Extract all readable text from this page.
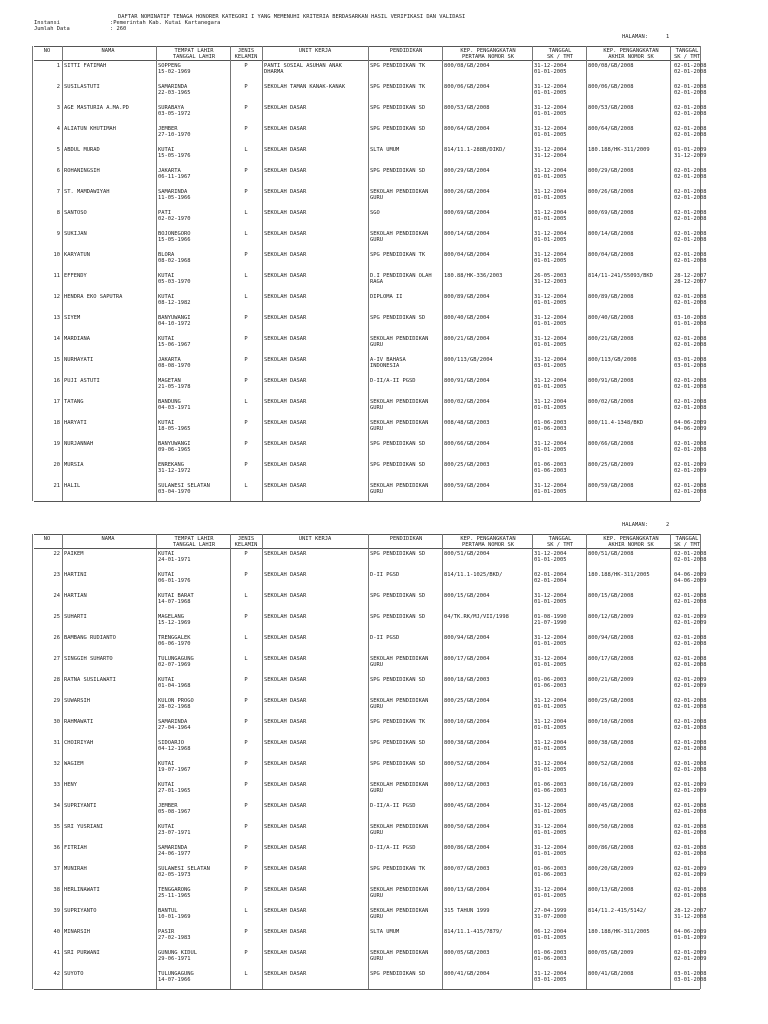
DAFTAR NOMINATIF TENAGA HONORER KATEGORI I YANG MEMENUHI KRITERIA BERDASARKAN HASIL VERIFIKASI DAN VALIDASI
Instansi	:Pemerintah Kab. Kutai Kartanegara
Jumlah Data	: 260
HALAMAN:	1
NO	NAMA	TEMPAT LAHIR
TANGGAL LAHIR
JENIS
KELAMIN
UNIT KERJA	PENDIDIKAN	KEP. PENGANGKATAN
PERTAMA NOMOR SK
TANGGAL
SK / TMT
KEP. PENGANGKATAN
AKHIR NOMOR SK
TANGGAL
SK / TMT
1 SITTI FATIMAH	SOPPENG
15-02-1969
P	PANTI SOSIAL ASUHAN ANAK
DHARMA
SPG PENDIDIKAN TK	800/08/GB/2004	31-12-2004
01-01-2005
800/08/GB/2008	02-01-2008
02-01-2008
2 SUSILASTUTI	SAMARINDA
22-03-1965
P	SEKOLAH TAMAN KANAK-KANAK	SPG PENDIDIKAN TK	800/06/GB/2004	31-12-2004
01-01-2005
800/06/GB/2008	02-01-2008
02-01-2008
3 AGE MASTURIA A.MA.PD	SURABAYA
03-05-1972
P	SEKOLAH DASAR	SPG PENDIDIKAN SD	800/53/GB/2008	31-12-2004
01-01-2005
800/53/GB/2008	02-01-2008
02-01-2008
4 ALIATUN KHUTIMAH	JEMBER
27-10-1970
P	SEKOLAH DASAR	SPG PENDIDIKAN SD	800/64/GB/2004	31-12-2004
01-01-2005
800/64/GB/2008	02-01-2008
02-01-2008
5 ABDUL MURAD	KUTAI
15-05-1976
L	SEKOLAH DASAR	SLTA UMUM	814/11.1-288B/DIKD/	31-12-2004
31-12-2004
180.188/HK-311/2009	01-01-2009
31-12-2009
6 ROHANINGSIH	JAKARTA
06-11-1967
P	SEKOLAH DASAR	SPG PENDIDIKAN SD	800/29/GB/2004	31-12-2004
01-01-2005
800/29/GB/2008	02-01-2008
02-01-2008
7 ST. MAMDAWIYAH	SAMARINDA
11-05-1966
P	SEKOLAH DASAR	SEKOLAH PENDIDIKAN
GURU
800/26/GB/2004	31-12-2004
01-01-2005
800/26/GB/2008	02-01-2008
02-01-2008
8 SANTOSO	PATI
02-02-1970
L	SEKOLAH DASAR	SGO	800/69/GB/2004	31-12-2004
01-01-2005
800/69/GB/2008	02-01-2008
02-01-2008
9 SUKIJAN	BOJONEGORO
15-05-1966
L	SEKOLAH DASAR	SEKOLAH PENDIDIKAN
GURU
800/14/GB/2004	31-12-2004
01-01-2005
800/14/GB/2008	02-01-2008
02-01-2008
10 KARYATUN	BLORA
08-02-1968
P	SEKOLAH DASAR	SPG PENDIDIKAN TK	800/04/GB/2004	31-12-2004
01-01-2005
800/04/GB/2008	02-01-2008
02-01-2008
11 EFFENDY	KUTAI
05-03-1970
L	SEKOLAH DASAR	D.I PENDIDIKAN OLAH
RAGA
180.88/HK-336/2003	26-05-2003
31-12-2003
814/11-241/55093/BKD	28-12-2007
28-12-2007
12 HENDRA EKO SAPUTRA	KUTAI
08-12-1982
L	SEKOLAH DASAR	DIPLOMA II	800/89/GB/2004	31-12-2004
01-01-2005
800/89/GB/2008	02-01-2008
02-01-2008
13 SIYEM	BANYUWANGI
04-10-1972
P	SEKOLAH DASAR	SPG PENDIDIKAN SD	800/40/GB/2004	31-12-2004
01-01-2005
800/40/GB/2008	03-10-2008
01-01-2008
14 MARDIANA	KUTAI
15-06-1967
P	SEKOLAH DASAR	SEKOLAH PENDIDIKAN
GURU
800/21/GB/2004	31-12-2004
01-01-2005
800/21/GB/2008	02-01-2008
02-01-2008
15 NURHAYATI	JAKARTA
08-08-1970
P	SEKOLAH DASAR	A-IV BAHASA
INDONESIA
800/113/GB/2004	31-12-2004
03-01-2005
800/113/GB/2008	03-01-2008
03-01-2008
16 PUJI ASTUTI	MAGETAN
21-05-1978
P	SEKOLAH DASAR	D-II/A-II PGSD	800/91/GB/2004	31-12-2004
01-01-2005
800/91/GB/2008	02-01-2008
02-01-2008
17 TATANG	BANDUNG
04-03-1971
L	SEKOLAH DASAR	SEKOLAH PENDIDIKAN
GURU
800/02/GB/2004	31-12-2004
01-01-2005
800/02/GB/2008	02-01-2008
02-01-2008
18 HARYATI	KUTAI
18-05-1965
P	SEKOLAH DASAR	SEKOLAH PENDIDIKAN
GURU
008/48/GB/2003	01-06-2003
01-06-2003
800/11.4-1348/BKD	04-06-2009
04-06-2009
19 NURJANNAH	BANYUWANGI
09-06-1965
P	SEKOLAH DASAR	SPG PENDIDIKAN SD	800/66/GB/2004	31-12-2004
01-01-2005
800/66/GB/2008	02-01-2008
02-01-2008
20 MURSIA	ENREKANG
31-12-1972
P	SEKOLAH DASAR	SPG PENDIDIKAN SD	800/25/GB/2003	01-06-2003
01-06-2003
800/25/GB/2009	02-01-2009
02-01-2009
21 HALIL	SULAWESI SELATAN
03-04-1970
L	SEKOLAH DASAR	SEKOLAH PENDIDIKAN
GURU
800/59/GB/2004	31-12-2004
01-01-2005
800/59/GB/2008	02-01-2008
02-01-2008
HALAMAN:	2
NO	NAMA	TEMPAT LAHIR
TANGGAL LAHIR
JENIS
KELAMIN
UNIT KERJA	PENDIDIKAN	KEP. PENGANGKATAN
PERTAMA NOMOR SK
TANGGAL
SK / TMT
KEP. PENGANGKATAN
AKHIR NOMOR SK
TANGGAL
SK / TMT
22 PAIKEM	KUTAI
24-01-1971
P	SEKOLAH DASAR	SPG PENDIDIKAN SD	800/51/GB/2004	31-12-2004
01-01-2005
800/51/GB/2008	02-01-2008
02-01-2008
23 HARTINI	KUTAI
06-01-1976
P	SEKOLAH DASAR	D-II PGSD	814/11.1-1025/BKD/	02-01-2004
02-01-2004
180.188/HK-311/2005	04-06-2009
04-06-2009
24 HARTIAN	KUTAI BARAT
14-07-1968
L	SEKOLAH DASAR	SPG PENDIDIKAN SD	800/15/GB/2004	31-12-2004
01-01-2005
800/15/GB/2008	02-01-2008
02-01-2008
25 SUHARTI	MAGELANG
15-12-1969
P	SEKOLAH DASAR	SPG PENDIDIKAN SD	04/TK.RK/MJ/VII/1998	01-08-1990
21-07-1990
800/12/GB/2009	02-01-2009
02-01-2009
26 BAMBANG RUDIANTO	TRENGGALEK
06-06-1970
L	SEKOLAH DASAR	D-II PGSD	800/94/GB/2004	31-12-2004
01-01-2005
800/94/GB/2008	02-01-2008
02-01-2008
27 SINGGIH SUHARTO	TULUNGAGUNG
02-07-1969
L	SEKOLAH DASAR	SEKOLAH PENDIDIKAN
GURU
800/17/GB/2004	31-12-2004
01-01-2005
800/17/GB/2008	02-01-2008
02-01-2008
28 RATNA SUSILAWATI	KUTAI
01-04-1968
P	SEKOLAH DASAR	SPG PENDIDIKAN SD	800/18/GB/2003	01-06-2003
01-06-2003
800/21/GB/2009	02-01-2009
02-01-2009
29 SUWARSIH	KULON PROGO
28-02-1968
P	SEKOLAH DASAR	SEKOLAH PENDIDIKAN
GURU
800/25/GB/2004	31-12-2004
01-01-2005
800/25/GB/2008	02-01-2008
02-01-2008
30 RAHMAWATI	SAMARINDA
27-04-1964
P	SEKOLAH DASAR	SPG PENDIDIKAN TK	800/10/GB/2004	31-12-2004
01-01-2005
800/10/GB/2008	02-01-2008
02-01-2008
31 CHOIRIYAH	SIDOARJO
04-12-1968
P	SEKOLAH DASAR	SPG PENDIDIKAN SD	800/38/GB/2004	31-12-2004
01-01-2005
800/38/GB/2008	02-01-2008
02-01-2008
32 WAGIEM	KUTAI
19-07-1967
P	SEKOLAH DASAR	SPG PENDIDIKAN SD	800/52/GB/2004	31-12-2004
01-01-2005
800/52/GB/2008	02-01-2008
02-01-2008
33 HENY	KUTAI
27-01-1965
P	SEKOLAH DASAR	SEKOLAH PENDIDIKAN
GURU
800/12/GB/2003	01-06-2003
01-06-2003
800/16/GB/2009	02-01-2009
02-01-2009
34 SUPRIYANTI	JEMBER
05-08-1967
P	SEKOLAH DASAR	D-II/A-II PGSD	800/45/GB/2004	31-12-2004
01-01-2005
800/45/GB/2008	02-01-2008
02-01-2008
35 SRI YUSRIANI	KUTAI
23-07-1971
P	SEKOLAH DASAR	SEKOLAH PENDIDIKAN
GURU
800/50/GB/2004	31-12-2004
01-01-2005
800/50/GB/2008	02-01-2008
02-01-2008
36 FITRIAH	SAMARINDA
24-06-1977
P	SEKOLAH DASAR	D-II/A-II PGSD	800/86/GB/2004	31-12-2004
01-01-2005
800/86/GB/2008	02-01-2008
02-01-2008
37 MUNIRAH	SULAWESI SELATAN
02-05-1973
P	SEKOLAH DASAR	SPG PENDIDIKAN TK	800/07/GB/2003	01-06-2003
01-06-2003
800/20/GB/2009	02-01-2009
02-01-2009
38 HERLINAWATI	TENGGARONG
25-11-1965
P	SEKOLAH DASAR	SEKOLAH PENDIDIKAN
GURU
800/13/GB/2004	31-12-2004
01-01-2005
800/13/GB/2008	02-01-2008
02-01-2008
39 SUPRIYANTO	BANTUL
10-01-1969
L	SEKOLAH DASAR	SEKOLAH PENDIDIKAN
GURU
315 TAHUN 1999	27-04-1999
31-07-2000
814/11.2-415/5142/	28-12-2007
31-12-2008
40 MINARSIH	PASIR
27-02-1983
P	SEKOLAH DASAR	SLTA UMUM	814/11.1-415/7879/	06-12-2004
01-01-2005
180.188/HK-311/2005	04-06-2009
01-01-2009
41 SRI PURWANI	GUNUNG KIDUL
29-06-1971
P	SEKOLAH DASAR	SEKOLAH PENDIDIKAN
GURU
800/05/GB/2003	01-06-2003
01-06-2003
800/05/GB/2009	02-01-2009
02-01-2009
42 SUYOTO	TULUNGAGUNG
14-07-1966
L	SEKOLAH DASAR	SPG PENDIDIKAN SD	800/41/GB/2004	31-12-2004
03-01-2005
800/41/GB/2008	03-01-2008
03-01-2008
